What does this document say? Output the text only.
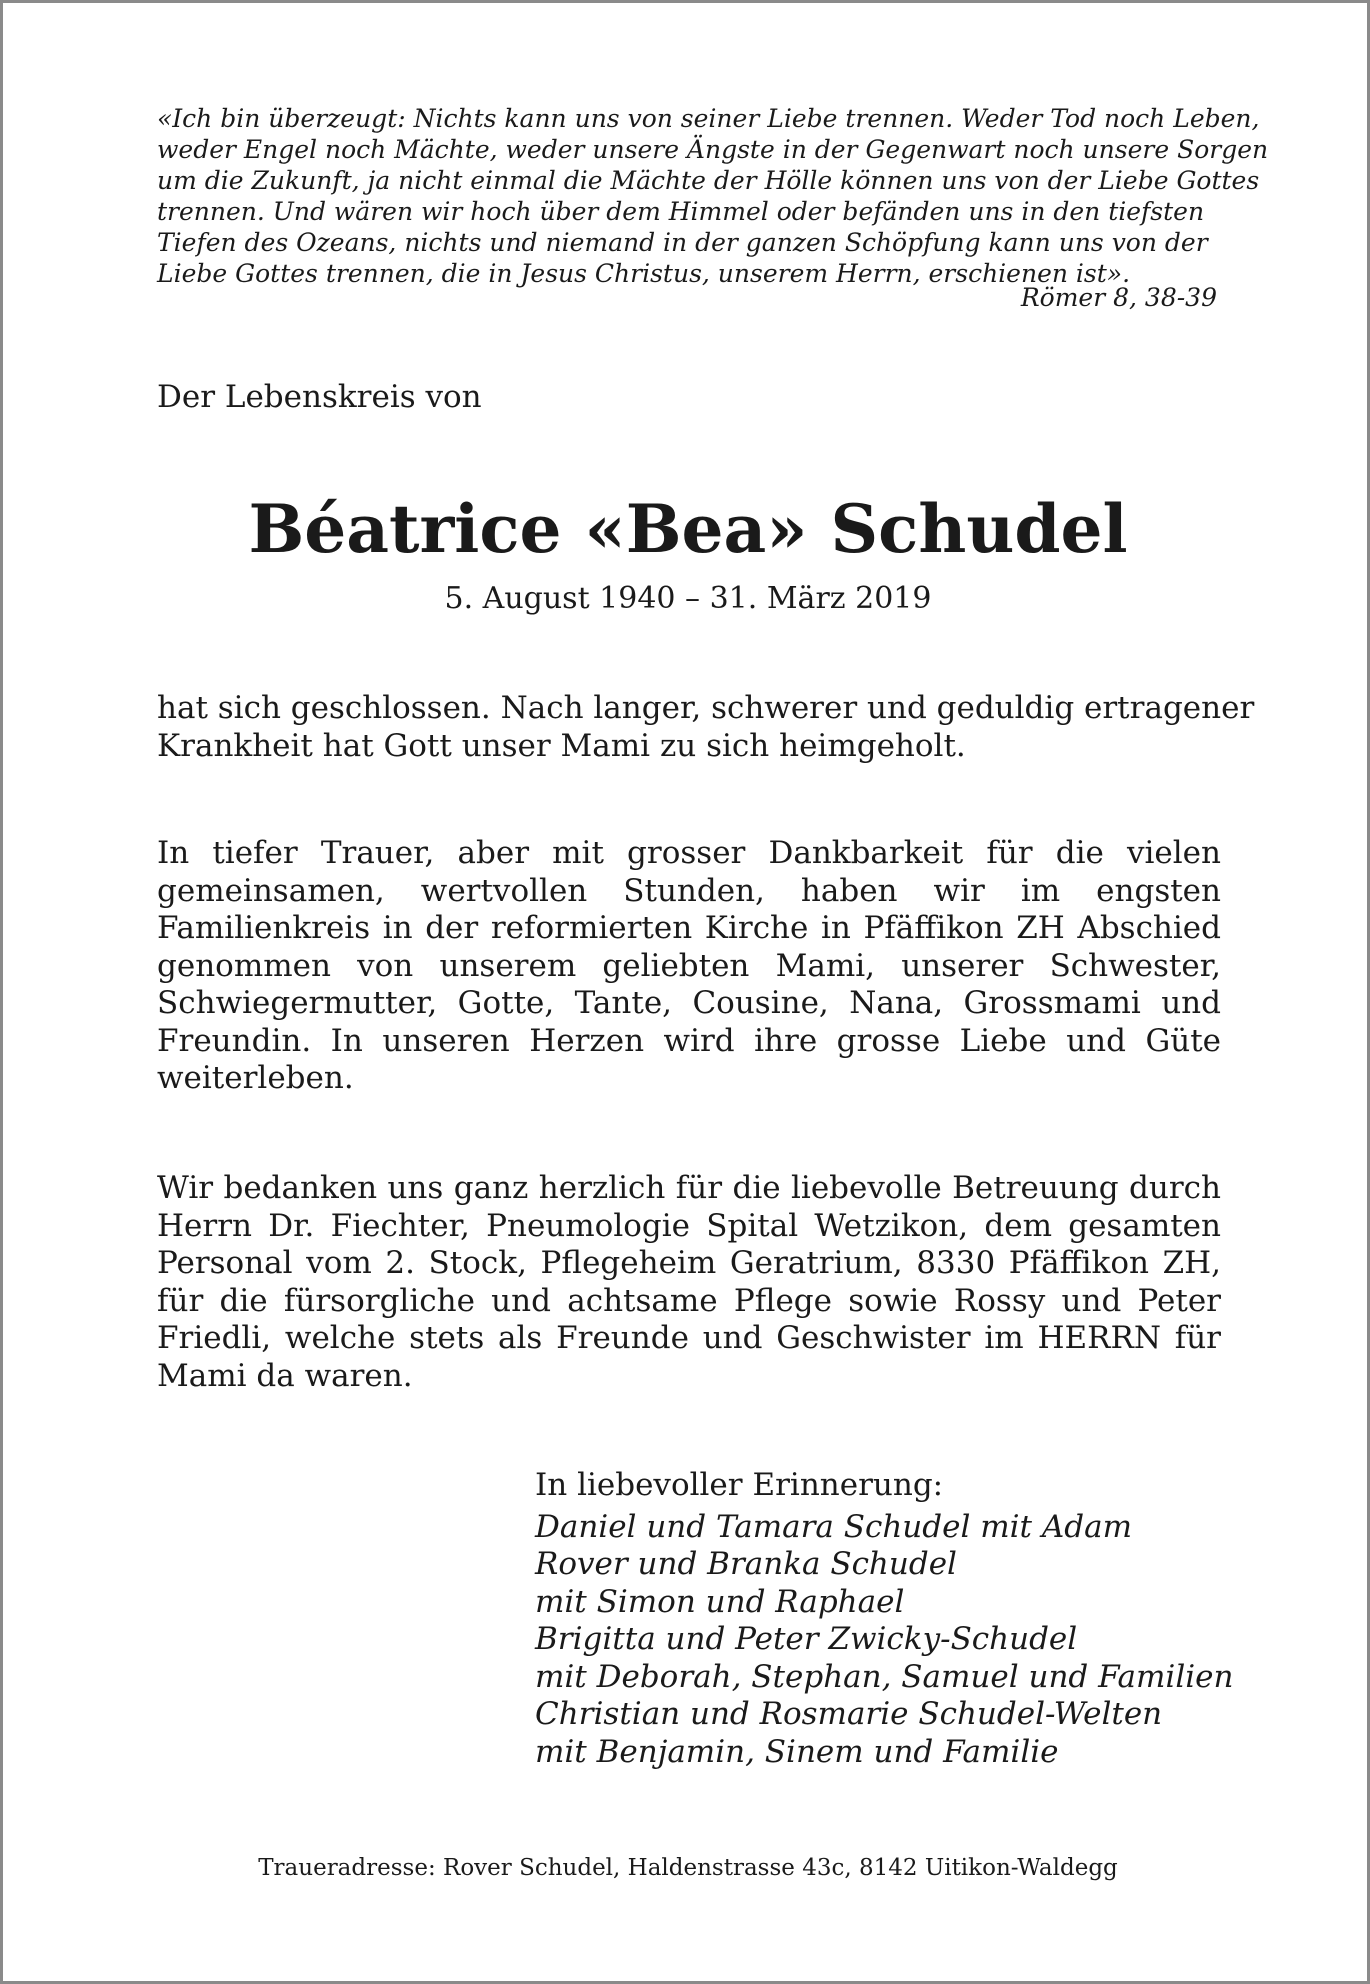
«Ich bin überzeugt: Nichts kann uns von seiner Liebe trennen. Weder Tod noch Leben,
weder Engel noch Mächte, weder unsere Ängste in der Gegenwart noch unsere Sorgen
um die Zukunft, ja nicht einmal die Mächte der Hölle können uns von der Liebe Gottes
trennen. Und wären wir hoch über dem Himmel oder befänden uns in den tiefsten
Tiefen des Ozeans, nichts und niemand in der ganzen Schöpfung kann uns von der
Liebe Gottes trennen, die in Jesus Christus, unserem Herrn, erschienen ist».
Römer 8, 38-39
Der Lebenskreis von
Béatrice «Bea» Schudel
5. August 1940 – 31. März 2019
hat sich geschlossen. Nach langer, schwerer und geduldig ertragener
Krankheit hat Gott unser Mami zu sich heimgeholt.
In tiefer Trauer, aber mit grosser Dankbarkeit für die vielen
gemeinsamen, wertvollen Stunden, haben wir im engsten
Familienkreis in der reformierten Kirche in Pfäffikon ZH Abschied
genommen von unserem geliebten Mami, unserer Schwester,
Schwiegermutter, Gotte, Tante, Cousine, Nana, Grossmami und
Freundin. In unseren Herzen wird ihre grosse Liebe und Güte
weiterleben.
Wir bedanken uns ganz herzlich für die liebevolle Betreuung durch
Herrn Dr. Fiechter, Pneumologie Spital Wetzikon, dem gesamten
Personal vom 2. Stock, Pflegeheim Geratrium, 8330 Pfäffikon ZH,
für die fürsorgliche und achtsame Pflege sowie Rossy und Peter
Friedli, welche stets als Freunde und Geschwister im HERRN für
Mami da waren.
In liebevoller Erinnerung:
Daniel und Tamara Schudel mit Adam
Rover und Branka Schudel
mit Simon und Raphael
Brigitta und Peter Zwicky-Schudel
mit Deborah, Stephan, Samuel und Familien
Christian und Rosmarie Schudel-Welten
mit Benjamin, Sinem und Familie
Traueradresse: Rover Schudel, Haldenstrasse 43c, 8142 Uitikon-Waldegg
